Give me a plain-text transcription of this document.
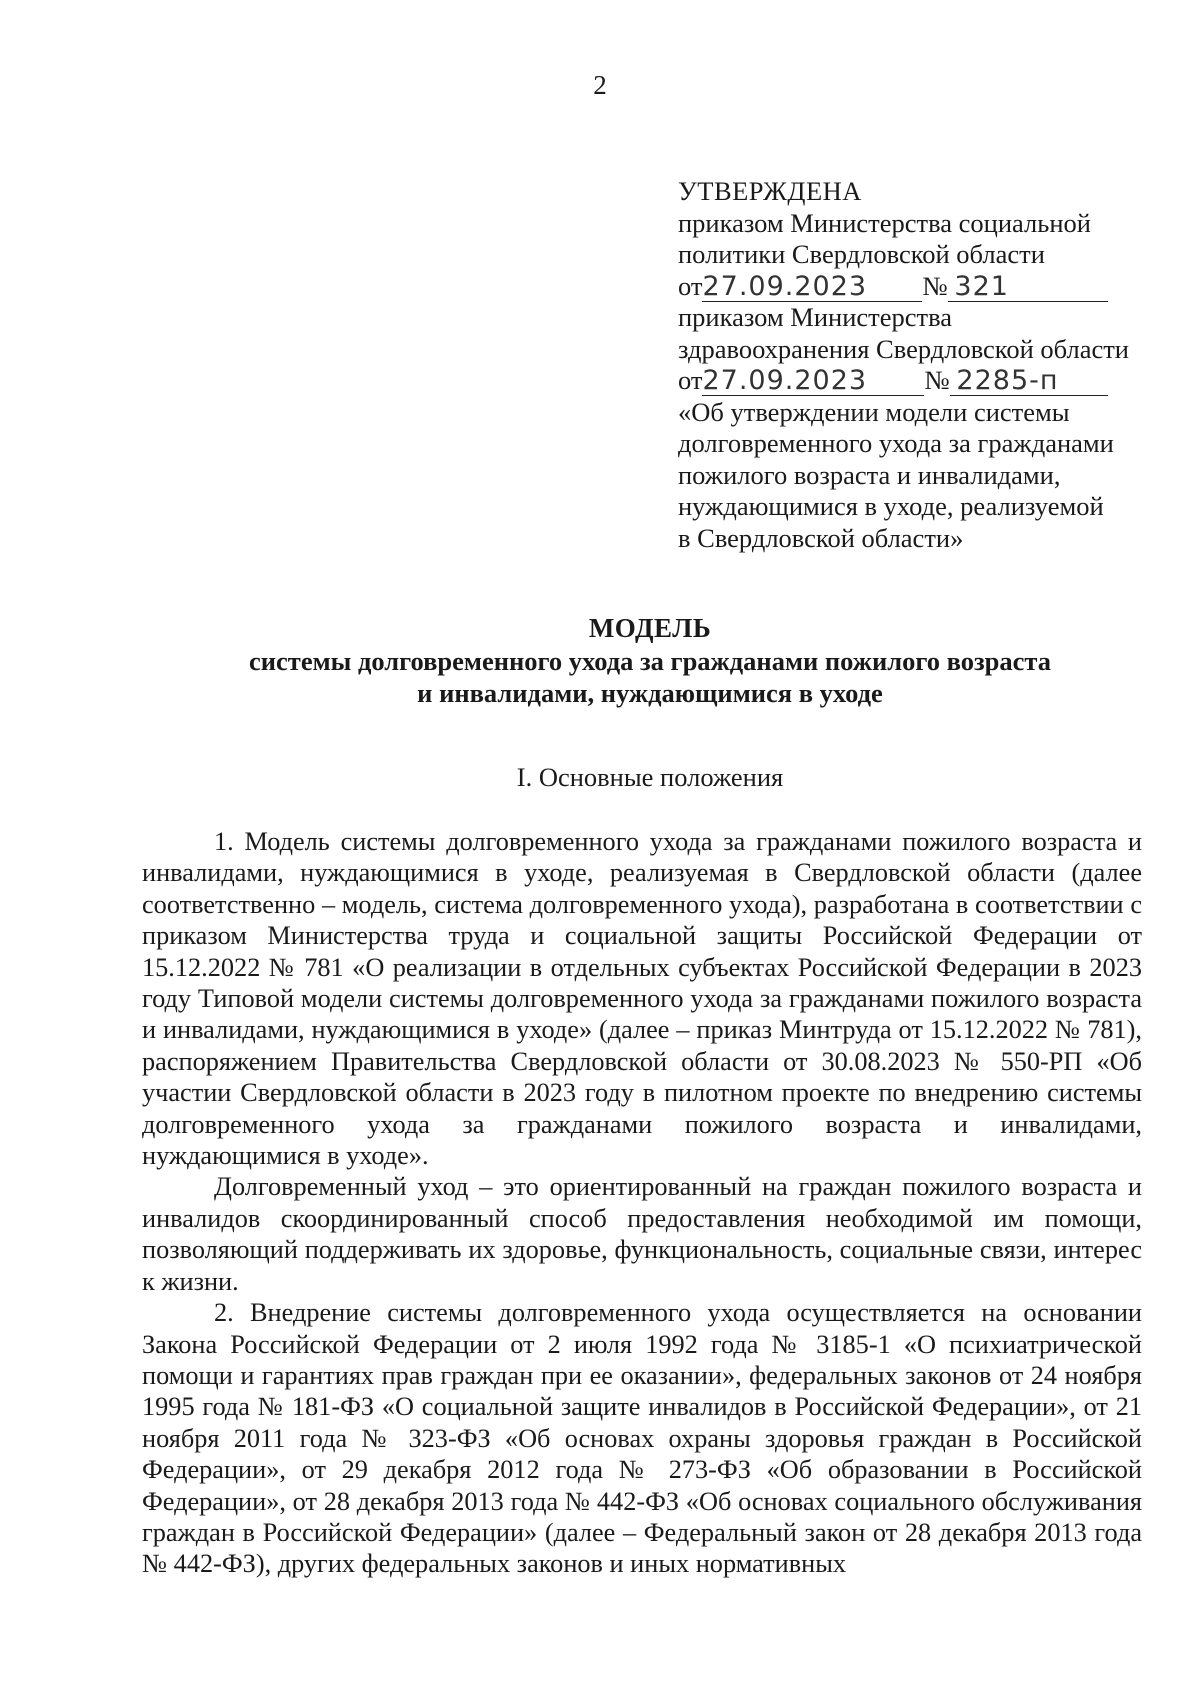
2
УТВЕРЖДЕНА
приказом Министерства социальной
политики Свердловской области
от27.09.2023 № 321
приказом Министерства
здравоохранения Свердловской области
от27.09.2023 № 2285-п
«Об утверждении модели системы
долговременного ухода за гражданами
пожилого возраста и инвалидами,
нуждающимися в уходе, реализуемой
в Свердловской области»
МОДЕЛЬ
системы долговременного ухода за гражданами пожилого возраста
и инвалидами, нуждающимися в уходе
I. Основные положения

1. Модель системы долговременного ухода за гражданами пожилого возраста и инвалидами, нуждающимися в уходе, реализуемая в Свердловской области (далее соответственно – модель, система долговременного ухода), разработана в соответствии с приказом Министерства труда и социальной защиты Российской Федерации от 15.12.2022 № 781 «О реализации в отдельных субъектах Российской Федерации в 2023 году Типовой модели системы долговременного ухода за гражданами пожилого возраста и инвалидами, нуждающимися в уходе» (далее – приказ Минтруда от 15.12.2022 № 781), распоряжением Правительства Свердловской области от 30.08.2023 № 550-РП «Об участии Свердловской области в 2023 году в пилотном проекте по внедрению системы долговременного ухода за гражданами пожилого возраста и инвалидами, нуждающимися в уходе».

Долговременный уход – это ориентированный на граждан пожилого возраста и инвалидов скоординированный способ предоставления необходимой им помощи, позволяющий поддерживать их здоровье, функциональность, социальные связи, интерес к жизни.

2. Внедрение системы долговременного ухода осуществляется на основании Закона Российской Федерации от 2 июля 1992 года № 3185-1 «О психиатрической помощи и гарантиях прав граждан при ее оказании», федеральных законов от 24 ноября 1995 года № 181-ФЗ «О социальной защите инвалидов в Российской Федерации», от 21 ноября 2011 года № 323-ФЗ «Об основах охраны здоровья граждан в Российской Федерации», от 29 декабря 2012 года № 273-ФЗ «Об образовании в Российской Федерации», от 28 декабря 2013 года № 442-ФЗ «Об основах социального обслуживания граждан в Российской Федерации» (далее – Федеральный закон от 28 декабря 2013 года № 442-ФЗ), других федеральных законов и иных нормативных
